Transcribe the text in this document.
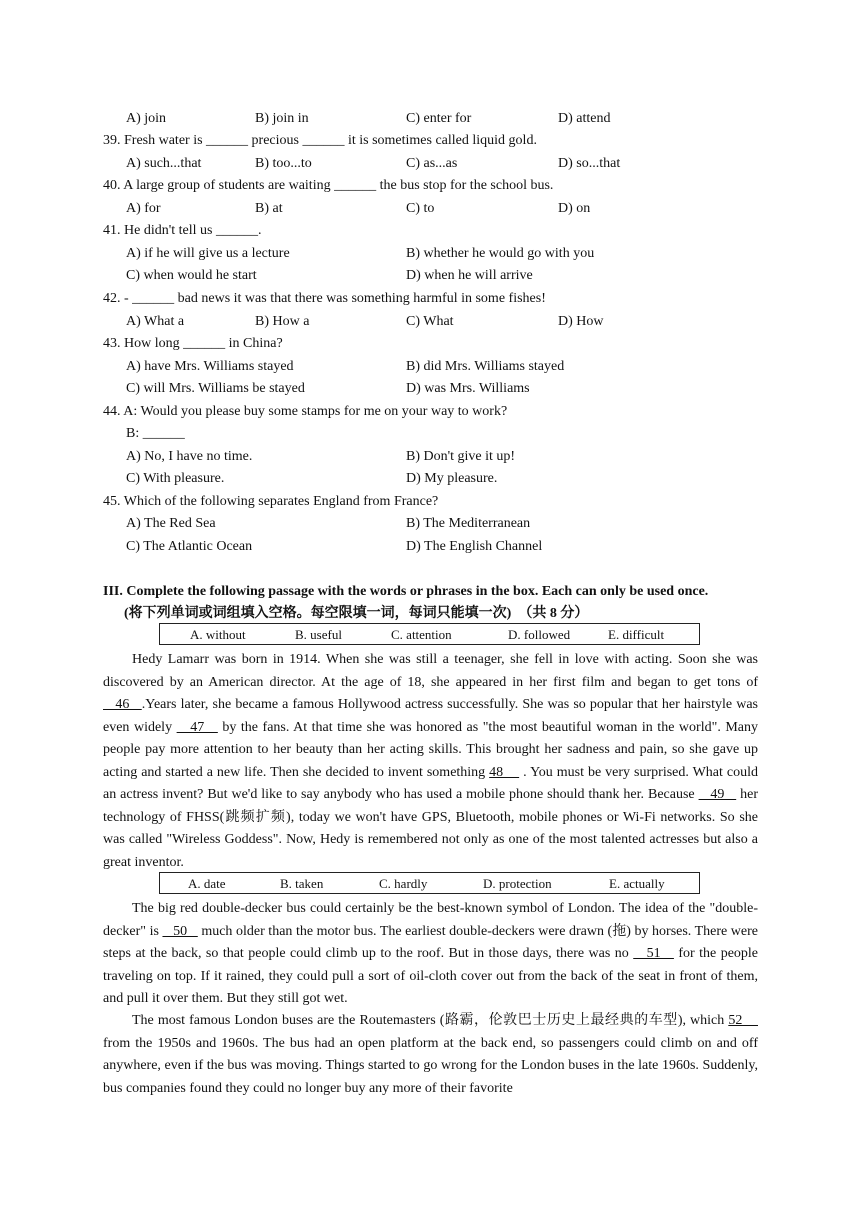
A) join	B) join in	C) enter for	D) attend
39. Fresh water is ______ precious ______ it is sometimes called liquid gold.
A) such...that	B) too...to	C) as...as	D) so...that
40. A large group of students are waiting ______ the bus stop for the school bus.
A) for	B) at	C) to	D) on
41. He didn't tell us ______.
A) if he will give us a lecture	B) whether he would go with you
C) when would he start	D) when he will arrive
42. - ______ bad news it was that there was something harmful in some fishes!
A) What a	B) How a	C) What	D) How
43. How long ______ in China?
A) have Mrs. Williams stayed	B) did Mrs. Williams stayed
C) will Mrs. Williams be stayed	D) was Mrs. Williams
44. A: Would you please buy some stamps for me on your way to work?
B: ______
A) No, I have no time.	B) Don't give it up!
C) With pleasure.	D) My pleasure.
45. Which of the following separates England from France?
A) The Red Sea	B) The Mediterranean
C) The Atlantic Ocean	D) The English Channel
III. Complete the following passage with the words or phrases in the box. Each can only be used once.
(将下列单词或词组填入空格。每空限填一词，每词只能填一次)　（共 8 分）
A. without	B. useful	C. attention	D. followed	E. difficult
Hedy Lamarr was born in 1914. When she was still a teenager, she fell in love with acting. Soon she was discovered by an American director. At the age of 18, she appeared in her first film and began to get tons of    46   .Years later, she became a famous Hollywood actress successfully. She was so popular that her hairstyle was even widely    47    by the fans. At that time she was honored as "the most beautiful woman in the world". Many people pay more attention to her beauty than her acting skills. This brought her sadness and pain, so she gave up acting and started a new life. Then she decided to invent something 48     . You must be very surprised. What could an actress invent? But we'd like to say anybody who has used a mobile phone should thank her. Because    49    her technology of FHSS(跳频扩频), today we won't have GPS, Bluetooth, mobile phones or Wi-Fi networks. So she was called "Wireless Goddess". Now, Hedy is remembered not only as one of the most talented actresses but also a great inventor.
A. date	B. taken	C. hardly	D. protection	E. actually
The big red double-decker bus could certainly be the best-known symbol of London. The idea of the "double-decker" is    50    much older than the motor bus. The earliest double-deckers were drawn (拖) by horses. There were steps at the back, so that people could climb up to the roof. But in those days, there was no    51    for the people traveling on top. If it rained, they could pull a sort of oil-cloth cover out from the back of the seat in front of them, and pull it over them. But they still got wet.
The most famous London buses are the Routemasters (路霸，伦敦巴士历史上最经典的车型), which 52     from the 1950s and 1960s. The bus had an open platform at the back end, so passengers could climb on and off anywhere, even if the bus was moving. Things started to go wrong for the London buses in the late 1960s. Suddenly, bus companies found they could no longer buy any more of their favorite
